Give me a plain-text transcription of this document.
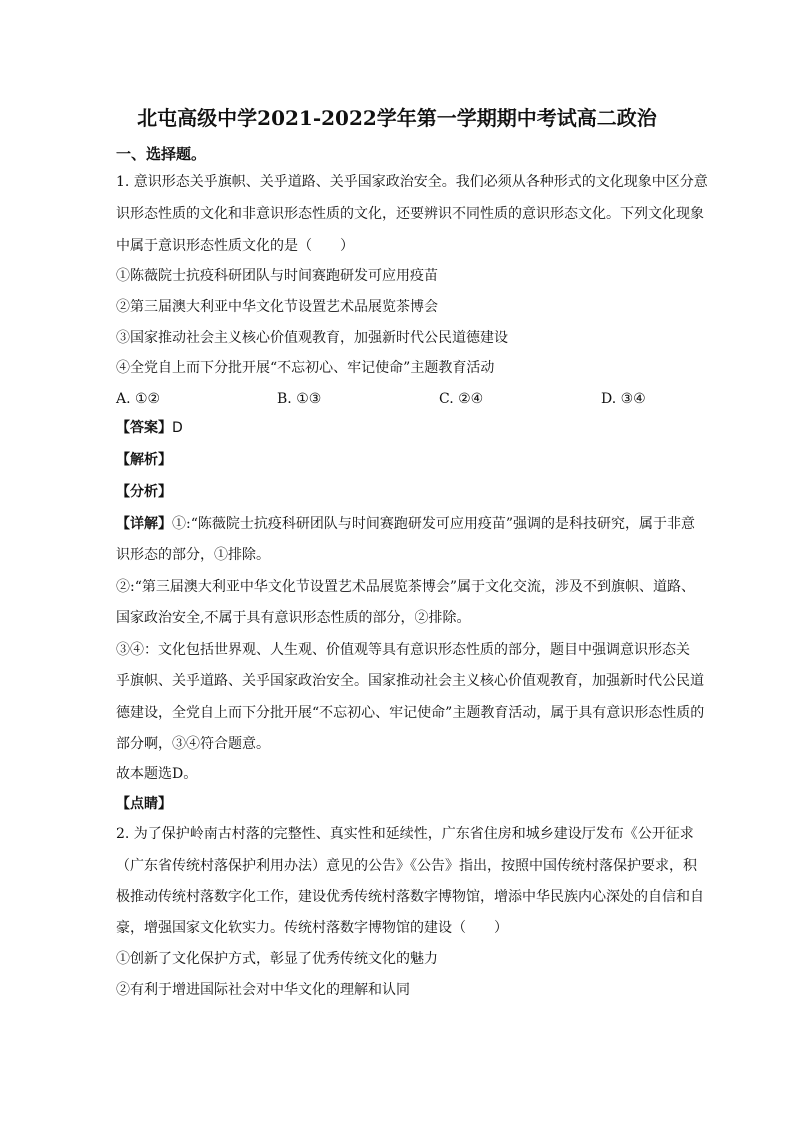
北屯高级中学2021-2022学年第一学期期中考试高二政治
一、选择题。
1. 意识形态关乎旗帜、关乎道路、关乎国家政治安全。我们必须从各种形式的文化现象中区分意
识形态性质的文化和非意识形态性质的文化，还要辨识不同性质的意识形态文化。下列文化现象
中属于意识形态性质文化的是（　　）
①陈薇院士抗疫科研团队与时间赛跑研发可应用疫苗
②第三届澳大利亚中华文化节设置艺术品展览茶博会
③国家推动社会主义核心价值观教育，加强新时代公民道德建设
④全党自上而下分批开展“不忘初心、牢记使命”主题教育活动
A. ①②	B. ①③	C. ②④	D. ③④
【答案】D
【解析】
【分析】
【详解】①:“陈薇院士抗疫科研团队与时间赛跑研发可应用疫苗”强调的是科技研究，属于非意
识形态的部分，①排除。
②:“第三届澳大利亚中华文化节设置艺术品展览茶博会”属于文化交流，涉及不到旗帜、道路、
国家政治安全,不属于具有意识形态性质的部分，②排除。
③④：文化包括世界观、人生观、价值观等具有意识形态性质的部分，题目中强调意识形态关
乎旗帜、关乎道路、关乎国家政治安全。国家推动社会主义核心价值观教育，加强新时代公民道
德建设，全党自上而下分批开展“不忘初心、牢记使命”主题教育活动，属于具有意识形态性质的
部分啊，③④符合题意。
故本题选D。
【点睛】
2. 为了保护岭南古村落的完整性、真实性和延续性，广东省住房和城乡建设厅发布《公开征求
（广东省传统村落保护利用办法）意见的公告》《公告》指出，按照中国传统村落保护要求，积
极推动传统村落数字化工作，建设优秀传统村落数字博物馆，增添中华民族内心深处的自信和自
豪，增强国家文化软实力。传统村落数字博物馆的建设（　　）
①创新了文化保护方式，彰显了优秀传统文化的魅力
②有利于增进国际社会对中华文化的理解和认同
